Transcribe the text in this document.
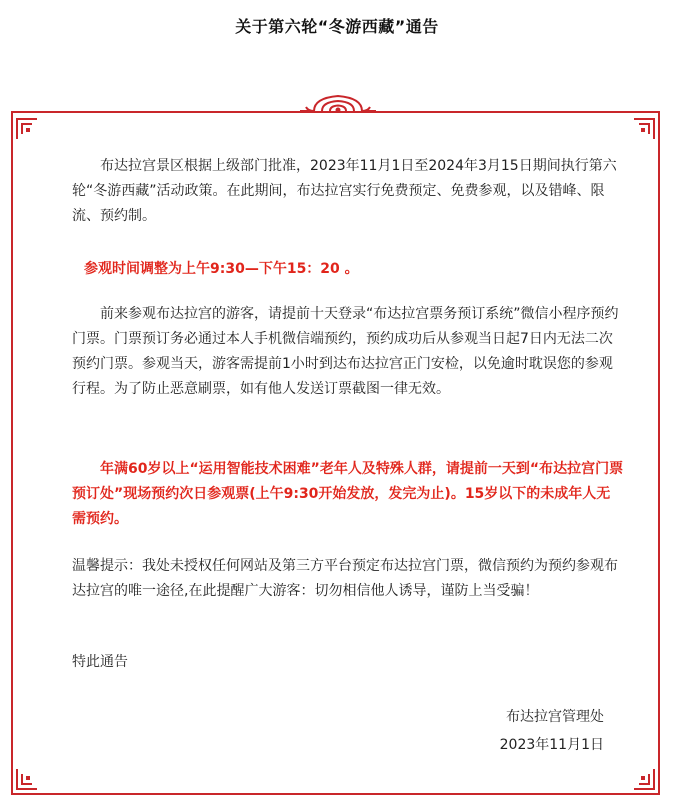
关于第六轮“冬游西藏”通告

布达拉宫景区根据上级部门批准，2023年11月1日至2024年3月15日期间执行第六轮“冬游西藏”活动政策。在此期间，布达拉宫实行免费预定、免费参观，以及错峰、限流、预约制。

参观时间调整为上午9:30—下午15：20 。

前来参观布达拉宫的游客，请提前十天登录“布达拉宫票务预订系统”微信小程序预约门票。门票预订务必通过本人手机微信端预约，预约成功后从参观当日起7日内无法二次预约门票。参观当天，游客需提前1小时到达布达拉宫正门安检，以免逾时耽误您的参观行程。为了防止恶意刷票，如有他人发送订票截图一律无效。

年满60岁以上“运用智能技术困难”老年人及特殊人群，请提前一天到“布达拉宫门票预订处”现场预约次日参观票(上午9:30开始发放，发完为止)。15岁以下的未成年人无需预约。

温馨提示：我处未授权任何网站及第三方平台预定布达拉宫门票，微信预约为预约参观布达拉宫的唯一途径,在此提醒广大游客：切勿相信他人诱导，谨防上当受骗！

特此通告

布达拉宫管理处
2023年11月1日
